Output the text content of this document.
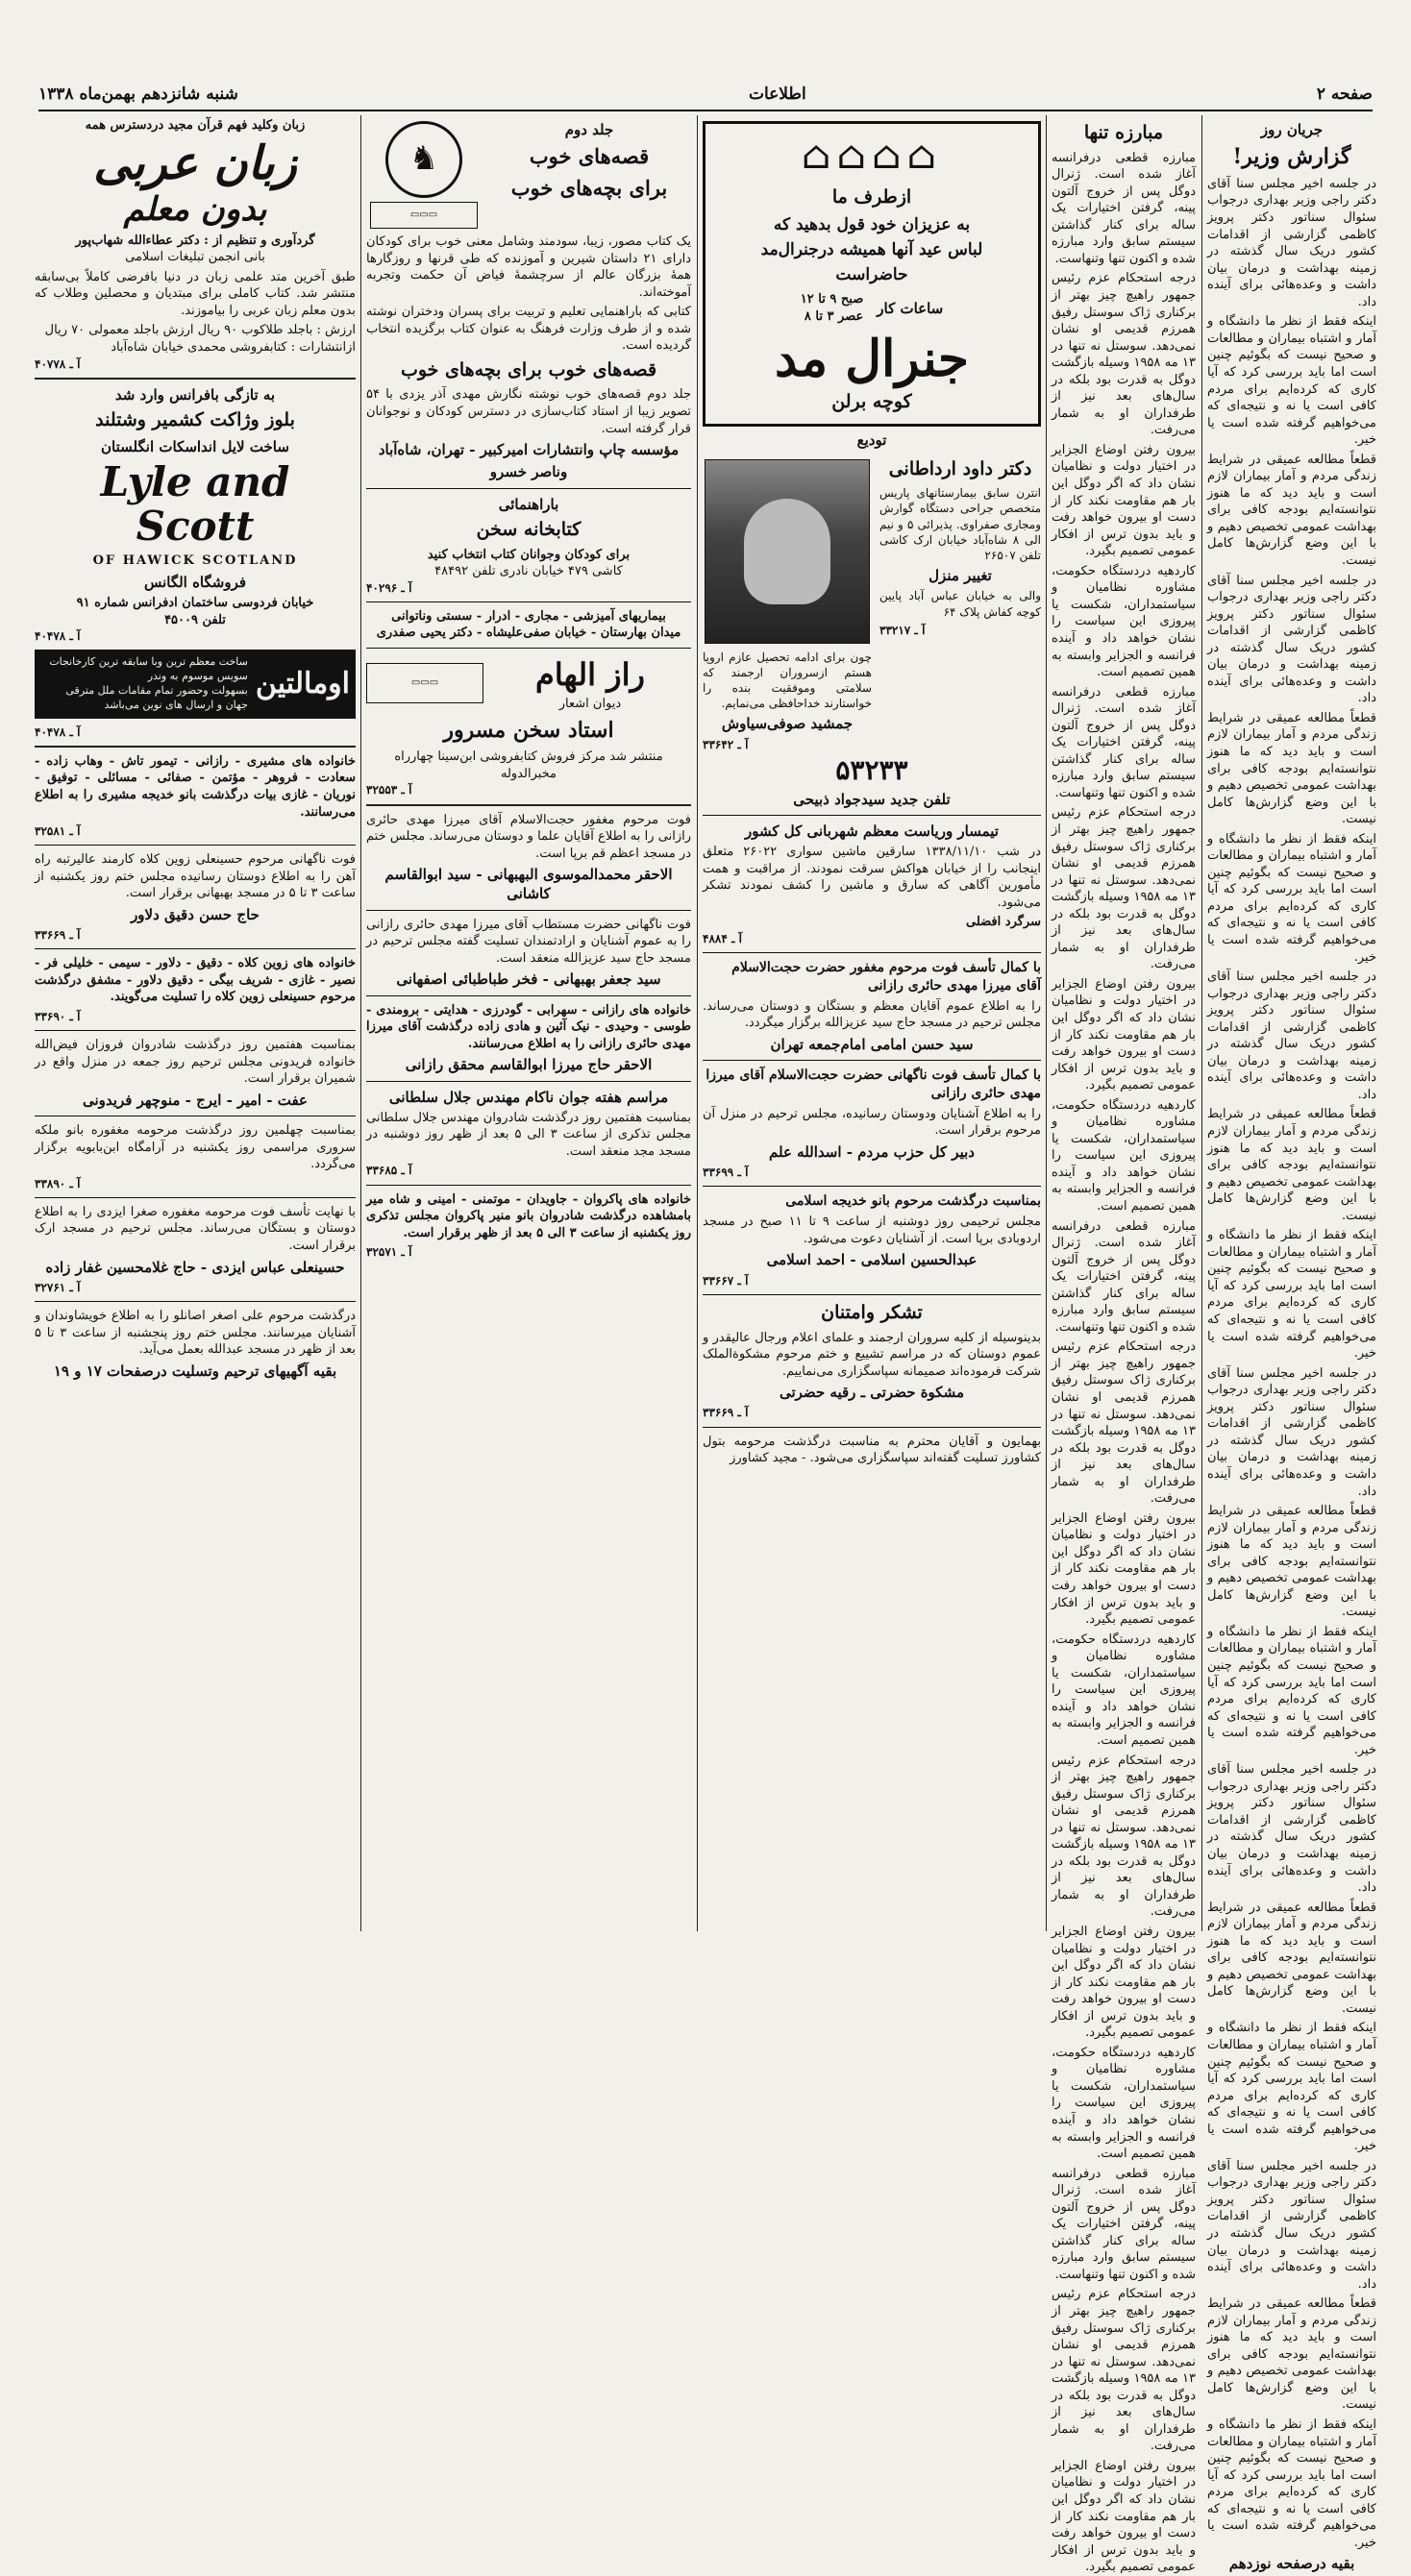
صفحه ۲
اطلاعات
شنبه شانزدهم بهمن‌ماه ۱۳۳۸
جریان روز
گزارش وزیر!

در جلسه اخیر مجلس سنا آقای دکتر راجی وزیر بهداری درجواب سئوال سناتور دکتر پرویز کاظمی گزارشی از اقدامات کشور دریک سال گذشته در زمینه بهداشت و درمان بیان داشت و وعده‌هائی برای آینده داد.

اینکه فقط از نظر ما دانشگاه و آمار و اشتباه بیماران و مطالعات و صحیح نیست که بگوئیم چنین است اما باید بررسی کرد که آیا کاری که کرده‌ایم برای مردم کافی است یا نه و نتیجه‌ای که می‌خواهیم گرفته شده است یا خیر.

قطعاً مطالعه عمیقی در شرایط زندگی مردم و آمار بیماران لازم است و باید دید که ما هنوز نتوانسته‌ایم بودجه کافی برای بهداشت عمومی تخصیص دهیم و با این وضع گزارش‌ها کامل نیست.

در جلسه اخیر مجلس سنا آقای دکتر راجی وزیر بهداری درجواب سئوال سناتور دکتر پرویز کاظمی گزارشی از اقدامات کشور دریک سال گذشته در زمینه بهداشت و درمان بیان داشت و وعده‌هائی برای آینده داد.

قطعاً مطالعه عمیقی در شرایط زندگی مردم و آمار بیماران لازم است و باید دید که ما هنوز نتوانسته‌ایم بودجه کافی برای بهداشت عمومی تخصیص دهیم و با این وضع گزارش‌ها کامل نیست.

اینکه فقط از نظر ما دانشگاه و آمار و اشتباه بیماران و مطالعات و صحیح نیست که بگوئیم چنین است اما باید بررسی کرد که آیا کاری که کرده‌ایم برای مردم کافی است یا نه و نتیجه‌ای که می‌خواهیم گرفته شده است یا خیر.

در جلسه اخیر مجلس سنا آقای دکتر راجی وزیر بهداری درجواب سئوال سناتور دکتر پرویز کاظمی گزارشی از اقدامات کشور دریک سال گذشته در زمینه بهداشت و درمان بیان داشت و وعده‌هائی برای آینده داد.

قطعاً مطالعه عمیقی در شرایط زندگی مردم و آمار بیماران لازم است و باید دید که ما هنوز نتوانسته‌ایم بودجه کافی برای بهداشت عمومی تخصیص دهیم و با این وضع گزارش‌ها کامل نیست.

اینکه فقط از نظر ما دانشگاه و آمار و اشتباه بیماران و مطالعات و صحیح نیست که بگوئیم چنین است اما باید بررسی کرد که آیا کاری که کرده‌ایم برای مردم کافی است یا نه و نتیجه‌ای که می‌خواهیم گرفته شده است یا خیر.

در جلسه اخیر مجلس سنا آقای دکتر راجی وزیر بهداری درجواب سئوال سناتور دکتر پرویز کاظمی گزارشی از اقدامات کشور دریک سال گذشته در زمینه بهداشت و درمان بیان داشت و وعده‌هائی برای آینده داد.

قطعاً مطالعه عمیقی در شرایط زندگی مردم و آمار بیماران لازم است و باید دید که ما هنوز نتوانسته‌ایم بودجه کافی برای بهداشت عمومی تخصیص دهیم و با این وضع گزارش‌ها کامل نیست.

اینکه فقط از نظر ما دانشگاه و آمار و اشتباه بیماران و مطالعات و صحیح نیست که بگوئیم چنین است اما باید بررسی کرد که آیا کاری که کرده‌ایم برای مردم کافی است یا نه و نتیجه‌ای که می‌خواهیم گرفته شده است یا خیر.

در جلسه اخیر مجلس سنا آقای دکتر راجی وزیر بهداری درجواب سئوال سناتور دکتر پرویز کاظمی گزارشی از اقدامات کشور دریک سال گذشته در زمینه بهداشت و درمان بیان داشت و وعده‌هائی برای آینده داد.

قطعاً مطالعه عمیقی در شرایط زندگی مردم و آمار بیماران لازم است و باید دید که ما هنوز نتوانسته‌ایم بودجه کافی برای بهداشت عمومی تخصیص دهیم و با این وضع گزارش‌ها کامل نیست.

اینکه فقط از نظر ما دانشگاه و آمار و اشتباه بیماران و مطالعات و صحیح نیست که بگوئیم چنین است اما باید بررسی کرد که آیا کاری که کرده‌ایم برای مردم کافی است یا نه و نتیجه‌ای که می‌خواهیم گرفته شده است یا خیر.

در جلسه اخیر مجلس سنا آقای دکتر راجی وزیر بهداری درجواب سئوال سناتور دکتر پرویز کاظمی گزارشی از اقدامات کشور دریک سال گذشته در زمینه بهداشت و درمان بیان داشت و وعده‌هائی برای آینده داد.

قطعاً مطالعه عمیقی در شرایط زندگی مردم و آمار بیماران لازم است و باید دید که ما هنوز نتوانسته‌ایم بودجه کافی برای بهداشت عمومی تخصیص دهیم و با این وضع گزارش‌ها کامل نیست.

اینکه فقط از نظر ما دانشگاه و آمار و اشتباه بیماران و مطالعات و صحیح نیست که بگوئیم چنین است اما باید بررسی کرد که آیا کاری که کرده‌ایم برای مردم کافی است یا نه و نتیجه‌ای که می‌خواهیم گرفته شده است یا خیر.

بقیه درصفحه نوزدهم
مبارزه تنها

مبارزه قطعی درفرانسه آغاز شده است. ژنرال دوگل پس از خروج آلتون پینه، گرفتن اختیارات یک ساله برای کنار گذاشتن سیستم سابق وارد مبارزه شده و اکنون تنها وتنهاست.

درجه استحکام عزم رئیس جمهور راهیچ چیز بهتر از برکناری ژاک سوستل رفیق همرزم قدیمی او نشان نمی‌دهد. سوستل نه تنها در ۱۳ مه ۱۹۵۸ وسیله بازگشت دوگل به قدرت بود بلکه در سال‌های بعد نیز از طرفداران او به شمار می‌رفت.

بیرون رفتن اوضاع الجزایر در اختیار دولت و نظامیان نشان داد که اگر دوگل این بار هم مقاومت نکند کار از دست او بیرون خواهد رفت و باید بدون ترس از افکار عمومی تصمیم بگیرد.

کاردهیه دردستگاه حکومت، مشاوره نظامیان و سیاستمداران، شکست یا پیروزی این سیاست را نشان خواهد داد و آینده فرانسه و الجزایر وابسته به همین تصمیم است.

مبارزه قطعی درفرانسه آغاز شده است. ژنرال دوگل پس از خروج آلتون پینه، گرفتن اختیارات یک ساله برای کنار گذاشتن سیستم سابق وارد مبارزه شده و اکنون تنها وتنهاست.

درجه استحکام عزم رئیس جمهور راهیچ چیز بهتر از برکناری ژاک سوستل رفیق همرزم قدیمی او نشان نمی‌دهد. سوستل نه تنها در ۱۳ مه ۱۹۵۸ وسیله بازگشت دوگل به قدرت بود بلکه در سال‌های بعد نیز از طرفداران او به شمار می‌رفت.

بیرون رفتن اوضاع الجزایر در اختیار دولت و نظامیان نشان داد که اگر دوگل این بار هم مقاومت نکند کار از دست او بیرون خواهد رفت و باید بدون ترس از افکار عمومی تصمیم بگیرد.

کاردهیه دردستگاه حکومت، مشاوره نظامیان و سیاستمداران، شکست یا پیروزی این سیاست را نشان خواهد داد و آینده فرانسه و الجزایر وابسته به همین تصمیم است.

مبارزه قطعی درفرانسه آغاز شده است. ژنرال دوگل پس از خروج آلتون پینه، گرفتن اختیارات یک ساله برای کنار گذاشتن سیستم سابق وارد مبارزه شده و اکنون تنها وتنهاست.

درجه استحکام عزم رئیس جمهور راهیچ چیز بهتر از برکناری ژاک سوستل رفیق همرزم قدیمی او نشان نمی‌دهد. سوستل نه تنها در ۱۳ مه ۱۹۵۸ وسیله بازگشت دوگل به قدرت بود بلکه در سال‌های بعد نیز از طرفداران او به شمار می‌رفت.

بیرون رفتن اوضاع الجزایر در اختیار دولت و نظامیان نشان داد که اگر دوگل این بار هم مقاومت نکند کار از دست او بیرون خواهد رفت و باید بدون ترس از افکار عمومی تصمیم بگیرد.

کاردهیه دردستگاه حکومت، مشاوره نظامیان و سیاستمداران، شکست یا پیروزی این سیاست را نشان خواهد داد و آینده فرانسه و الجزایر وابسته به همین تصمیم است.

درجه استحکام عزم رئیس جمهور راهیچ چیز بهتر از برکناری ژاک سوستل رفیق همرزم قدیمی او نشان نمی‌دهد. سوستل نه تنها در ۱۳ مه ۱۹۵۸ وسیله بازگشت دوگل به قدرت بود بلکه در سال‌های بعد نیز از طرفداران او به شمار می‌رفت.

بیرون رفتن اوضاع الجزایر در اختیار دولت و نظامیان نشان داد که اگر دوگل این بار هم مقاومت نکند کار از دست او بیرون خواهد رفت و باید بدون ترس از افکار عمومی تصمیم بگیرد.

کاردهیه دردستگاه حکومت، مشاوره نظامیان و سیاستمداران، شکست یا پیروزی این سیاست را نشان خواهد داد و آینده فرانسه و الجزایر وابسته به همین تصمیم است.

مبارزه قطعی درفرانسه آغاز شده است. ژنرال دوگل پس از خروج آلتون پینه، گرفتن اختیارات یک ساله برای کنار گذاشتن سیستم سابق وارد مبارزه شده و اکنون تنها وتنهاست.

درجه استحکام عزم رئیس جمهور راهیچ چیز بهتر از برکناری ژاک سوستل رفیق همرزم قدیمی او نشان نمی‌دهد. سوستل نه تنها در ۱۳ مه ۱۹۵۸ وسیله بازگشت دوگل به قدرت بود بلکه در سال‌های بعد نیز از طرفداران او به شمار می‌رفت.

بیرون رفتن اوضاع الجزایر در اختیار دولت و نظامیان نشان داد که اگر دوگل این بار هم مقاومت نکند کار از دست او بیرون خواهد رفت و باید بدون ترس از افکار عمومی تصمیم بگیرد.

⌂⌂⌂⌂
ازطرف ما
به عزیزان خود قول بدهید که
لباس عید آنها همیشه درجنرال‌مد
حاضراست
ساعات کار
صبح ۹ تا ۱۲
عصر ۳ تا ۸
جنرال مد
کوچه برلن
تودیع
دکتر داود ارداطانی

انترن سابق بیمارستانهای پاریس متخصص جراحی دستگاه گوارش ومجاری صفراوی. پذیرائی ۵ و نیم الی ۸ شاه‌آباد خیابان ارک کاشی تلفن ۲۶۵۰۷

تغییر منزل

والی به خیابان عباس آباد پایین کوچه کفاش پلاک ۶۴

آ ـ ۳۳۲۱۷

چون برای ادامه تحصیل عازم اروپا هستم ازسروران ارجمند که سلامتی وموفقیت بنده را خواستارند خداحافظی می‌نمایم.

جمشید صوفی‌سیاوش
آ ـ ۳۳۶۴۲
۵۳۲۳۳
تلفن جدید سیدجواد ذبیحی
تیمسار وریاست معظم شهربانی کل کشور

در شب ۱۳۳۸/۱۱/۱۰ سارقین ماشین سواری ۲۶۰۲۲ متعلق اینجانب را از خیابان هواکش سرقت نمودند. از مراقبت و همت مأمورین آگاهی که سارق و ماشین را کشف نمودند تشکر می‌شود.

سرگرد افضلی
آ ـ ۴۸۸۴
با کمال تأسف فوت مرحوم مغفور حضرت حجت‌الاسلام آقای میرزا مهدی حائری رازانی

را به اطلاع عموم آقایان معظم و بستگان و دوستان می‌رساند. مجلس ترحیم در مسجد حاج سید عزیزالله برگزار میگردد.

سید حسن امامی امام‌جمعه تهران
با کمال تأسف فوت ناگهانی حضرت حجت‌الاسلام آقای میرزا مهدی حائری رازانی

را به اطلاع آشنایان ودوستان رسانیده، مجلس ترحیم در منزل آن مرحوم برقرار است.

دبیر کل حزب مردم - اسدالله علم
آ ـ ۳۳۶۹۹
بمناسبت درگذشت مرحوم بانو خدیجه اسلامی

مجلس ترحیمی روز دوشنبه از ساعت ۹ تا ۱۱ صبح در مسجد اردوبادی برپا است. از آشنایان دعوت می‌شود.

عبدالحسین اسلامی - احمد اسلامی
آ ـ ۳۳۶۶۷
تشکر وامتنان

بدینوسیله از کلیه سروران ارجمند و علمای اعلام ورجال عالیقدر و عموم دوستان که در مراسم تشییع و ختم مرحوم مشکوة‌الملک شرکت فرموده‌اند صمیمانه سپاسگزاری می‌نماییم.

مشکوة حضرتی ـ رقیه حضرتی
آ ـ ۳۳۶۶۹

بهمایون و آقایان محترم به مناسبت درگذشت مرحومه بتول کشاورز تسلیت گفته‌اند سپاسگزاری می‌شود. - مجید کشاورز

جلد دوم
قصه‌های خوب
برای بچه‌های خوب
♞
▭▭▭

یک کتاب مصور، زیبا، سودمند وشامل معنی خوب برای کودکان دارای ۲۱ داستان شیرین و آموزنده که طی قرنها و روزگارها همهٔ بزرگان عالم از سرچشمهٔ فیاض آن حکمت وتجربه آموخته‌اند.

کتابی که باراهنمایی تعلیم و تربیت برای پسران ودختران نوشته شده و از طرف وزارت فرهنگ به عنوان کتاب برگزیده انتخاب گردیده است.

قصه‌های خوب برای بچه‌های خوب

جلد دوم قصه‌های خوب نوشته نگارش مهدی آذر یزدی با ۵۴ تصویر زیبا از استاد کتاب‌سازی در دسترس کودکان و نوجوانان قرار گرفته است.

مؤسسه چاپ وانتشارات امیرکبیر - تهران، شاه‌آباد
وناصر خسرو
باراهنمائی
کتابخانه سخن
برای کودکان وجوانان کتاب انتخاب کنید
کاشی ۴۷۹ خیابان نادری تلفن ۴۸۴۹۲
آ ـ ۴۰۲۹۶
بیماریهای آمیزشی - مجاری - ادرار - سستی وناتوانی
میدان بهارستان - خیابان صفی‌علیشاه - دکتر یحیی صفدری
راز الهام
دیوان اشعار
▭▭▭
استاد سخن مسرور
منتشر شد مرکز فروش کتابفروشی ابن‌سینا چهارراه مخبرالدوله
آ ـ ۳۲۵۵۳

فوت مرحوم مغفور حجت‌الاسلام آقای میرزا مهدی حائری رازانی را به اطلاع آقایان علما و دوستان می‌رساند. مجلس ختم در مسجد اعظم قم برپا است.

الاحقر محمدالموسوی البهبهانی - سید ابوالقاسم کاشانی

فوت ناگهانی حضرت مستطاب آقای میرزا مهدی حائری رازانی را به عموم آشنایان و ارادتمندان تسلیت گفته مجلس ترحیم در مسجد حاج سید عزیزالله منعقد است.

سید جعفر بهبهانی - فخر طباطبائی اصفهانی

خانواده های رازانی - سهرابی - گودرزی - هدایتی - برومندی - طوسی - وحیدی - نیک آئین و هادی زاده درگذشت آقای میرزا مهدی حائری رازانی را به اطلاع می‌رسانند.

الاحقر حاج میرزا ابوالقاسم محقق رازانی
مراسم هفته جوان ناکام مهندس جلال سلطانی

بمناسبت هفتمین روز درگذشت شادروان مهندس جلال سلطانی مجلس تذکری از ساعت ۳ الی ۵ بعد از ظهر روز دوشنبه در مسجد مجد منعقد است.

آ ـ ۳۳۶۸۵

خانواده های پاکروان - جاویدان - موتمنی - امینی و شاه میر بامشاهده درگذشت شادروان بانو منیر پاکروان مجلس تذکری روز یکشنبه از ساعت ۳ الی ۵ بعد از ظهر برقرار است.

آ ـ ۳۲۵۷۱
زبان وکلید فهم قرآن مجید دردسترس همه
زبان عربی
بدون معلم
گردآوری و تنظیم از : دکتر عطاءالله شهاب‌پور
بانی انجمن تبلیغات اسلامی

طبق آخرین متد علمی زبان در دنیا بافرضی کاملاً بی‌سابقه منتشر شد. کتاب کاملی برای مبتدیان و محصلین وطلاب که بدون معلم زبان عربی را بیاموزند.

ارزش : باجلد طلاکوب ۹۰ ریال ارزش باجلد معمولی ۷۰ ریال
ازانتشارات : کتابفروشی محمدی خیابان شاه‌آباد
آ ـ ۴۰۷۷۸
به تازگی بافرانس وارد شد
بلوز وژاکت کشمیر وشتلند
ساخت لایل انداسکات انگلستان
Lyle and Scott
OF HAWICK SCOTLAND
فروشگاه الگانس
خیابان فردوسی ساختمان ادفرانس شماره ۹۱
تلفن ۴۵۰۰۹
آ ـ ۴۰۴۷۸
اومالتین
ساخت معظم ترین وبا سابقه ترین کارخانجات سویس موسوم به وندر
بسهولت وحضور تمام مقامات ملل مترقی جهان و ارسال های نوین می‌باشد
آ ـ ۴۰۴۷۸

خانواده های مشیری - رازانی - تیمور تاش - وهاب زاده - سعادت - فروهر - مؤتمن - صفائی - مسائلی - توفیق - نوریان - غازی بیات درگذشت بانو خدیجه مشیری را به اطلاع می‌رسانند.

آ ـ ۳۲۵۸۱

فوت ناگهانی مرحوم حسینعلی زوین کلاه کارمند عالیرتبه راه آهن را به اطلاع دوستان رسانیده مجلس ختم روز یکشنبه از ساعت ۳ تا ۵ در مسجد بهبهانی برقرار است.

حاج حسن دقیق دلاور
آ ـ ۳۳۶۶۹

خانواده های زوین کلاه - دقیق - دلاور - سیمی - خلیلی فر - نصیر - غازی - شریف بیگی - دقیق دلاور - مشفق درگذشت مرحوم حسینعلی زوین کلاه را تسلیت می‌گویند.

آ ـ ۳۳۶۹۰

بمناسبت هفتمین روز درگذشت شادروان فروزان فیض‌الله خانواده فریدونی مجلس ترحیم روز جمعه در منزل واقع در شمیران برقرار است.

عفت - امیر - ایرج - منوچهر فریدونی

بمناسبت چهلمین روز درگذشت مرحومه مغفوره بانو ملکه سروری مراسمی روز یکشنبه در آرامگاه ابن‌بابویه برگزار می‌گردد.

آ ـ ۳۳۸۹۰

با نهایت تأسف فوت مرحومه مغفوره صغرا ایزدی را به اطلاع دوستان و بستگان می‌رساند. مجلس ترحیم در مسجد ارک برقرار است.

حسینعلی عباس ایزدی - حاج غلامحسین غفار زاده
آ ـ ۳۲۷۶۱

درگذشت مرحوم علی اصغر اصانلو را به اطلاع خویشاوندان و آشنایان میرسانند. مجلس ختم روز پنجشنبه از ساعت ۳ تا ۵ بعد از ظهر در مسجد عبدالله بعمل می‌آید.

بقیه آگهیهای ترحیم وتسلیت درصفحات ۱۷ و ۱۹
